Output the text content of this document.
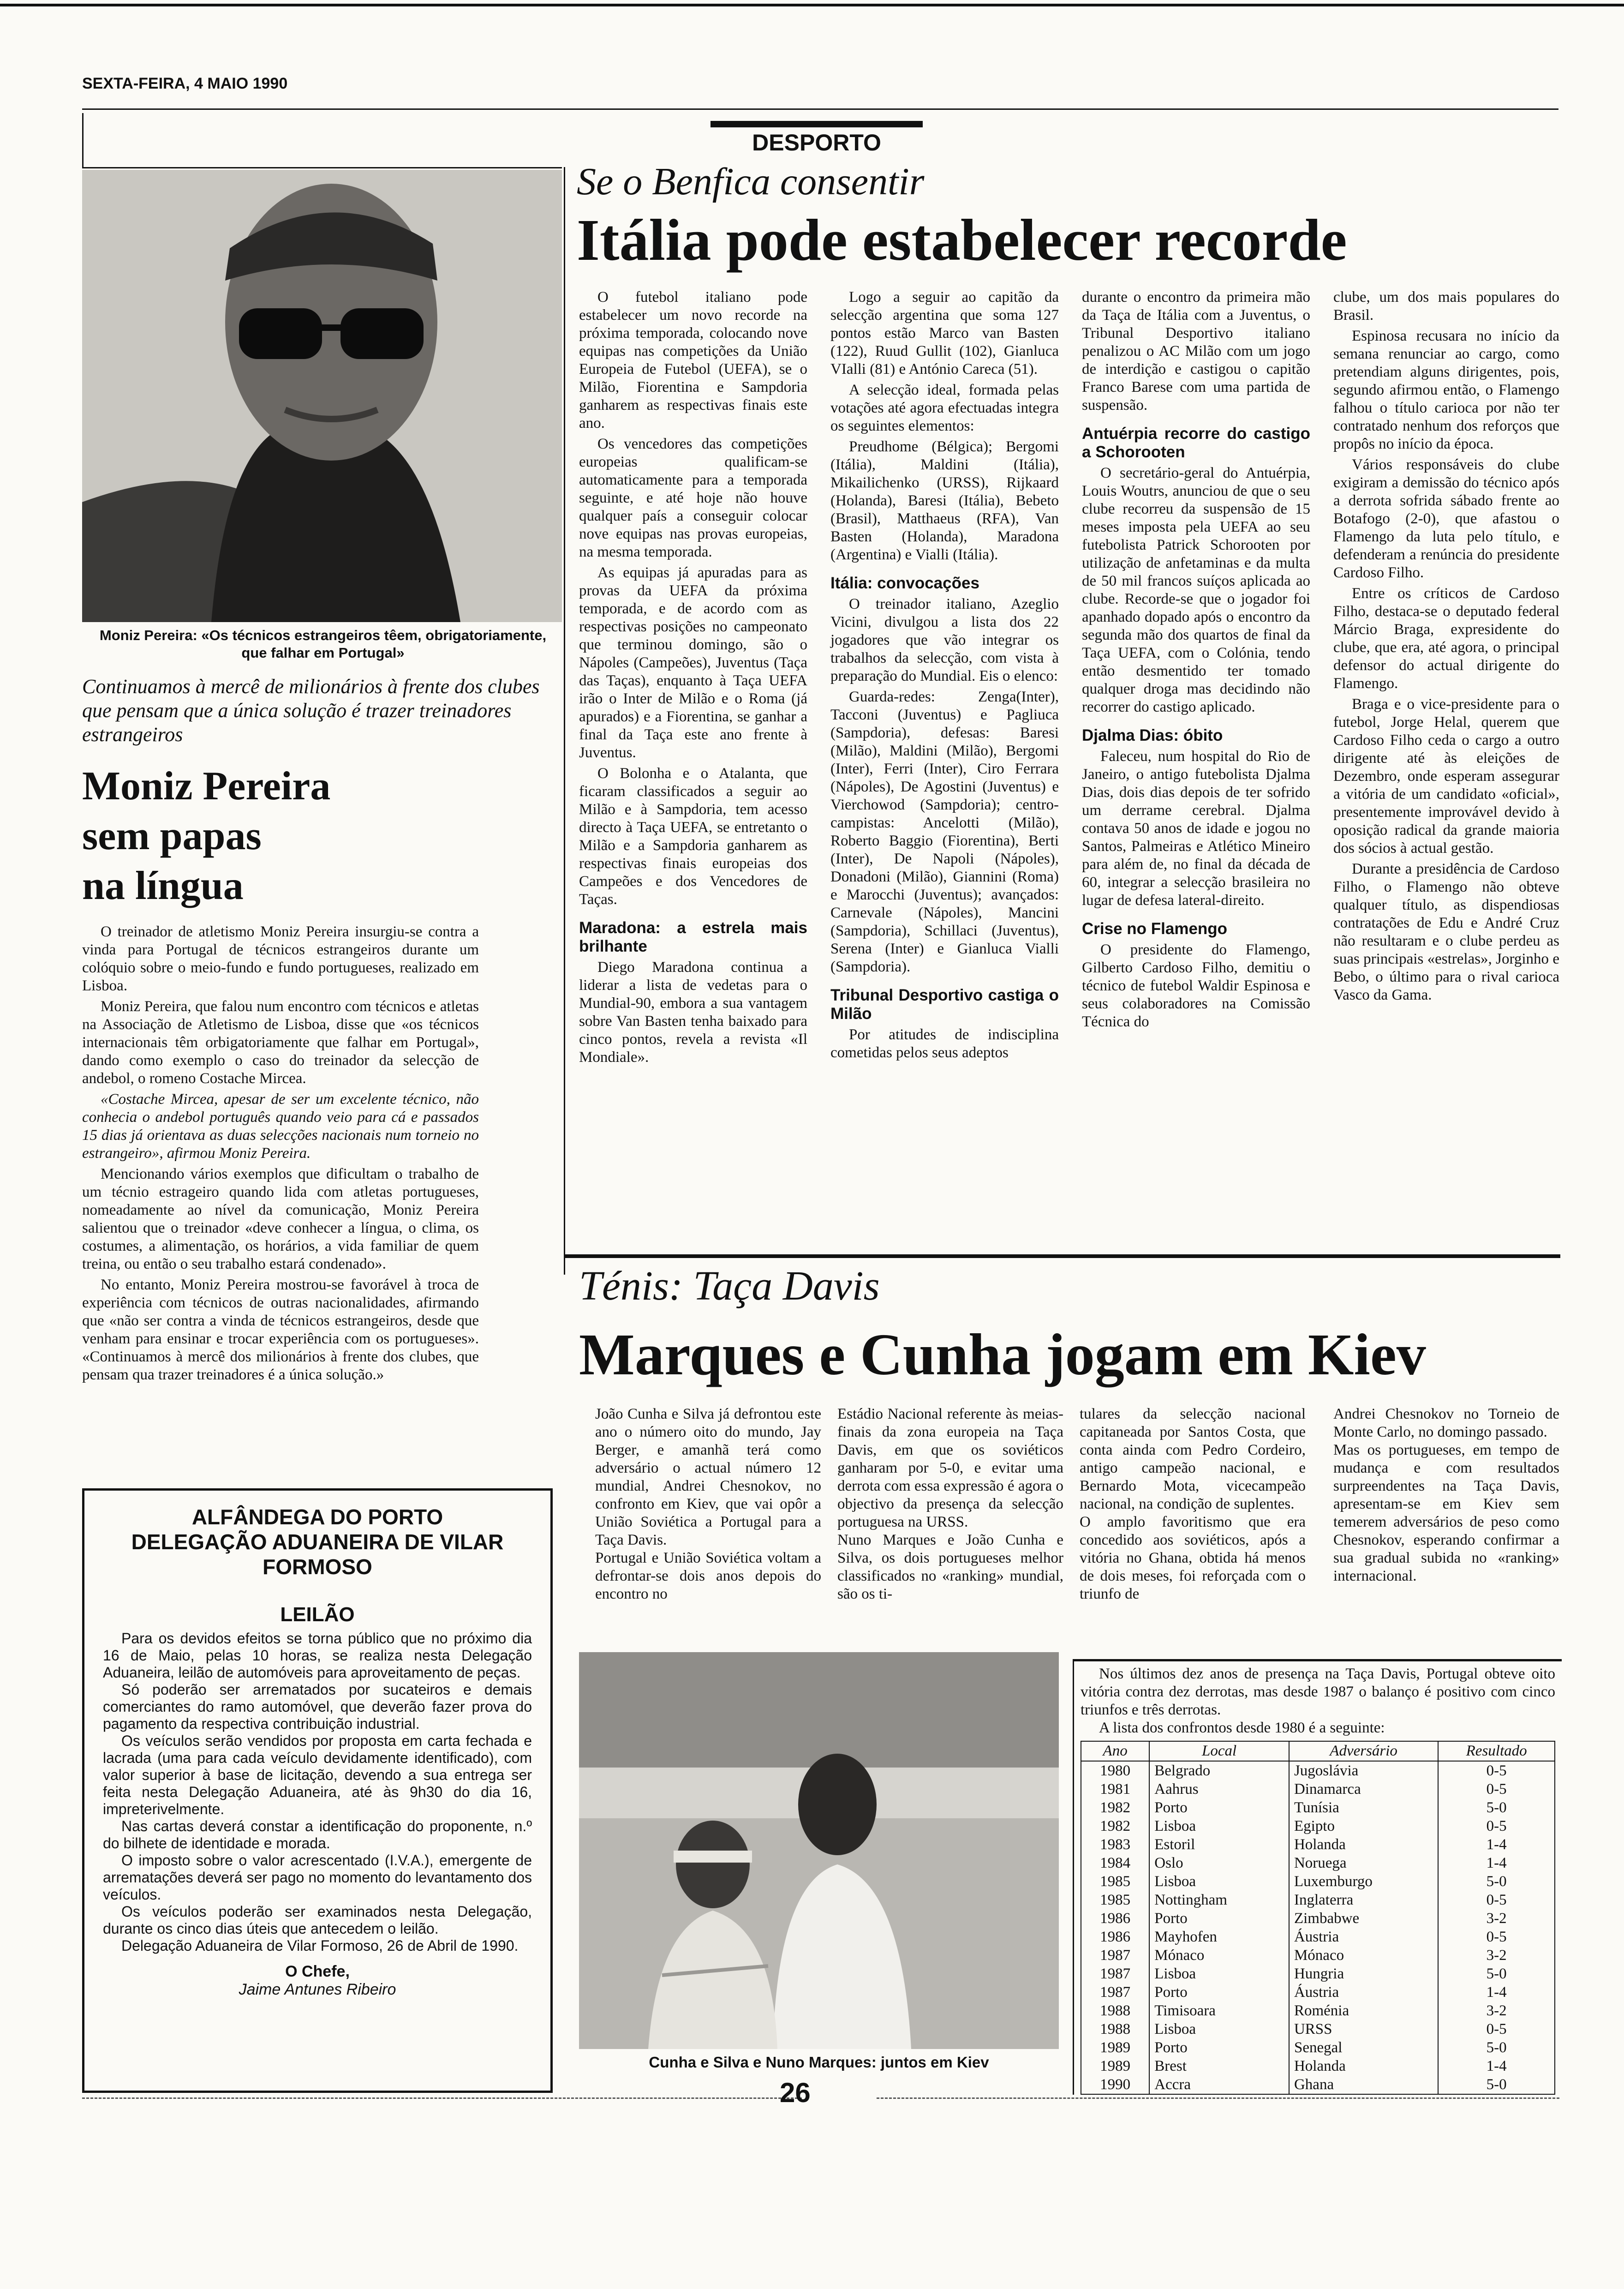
SEXTA-FEIRA, 4 MAIO 1990
DESPORTO
Moniz Pereira: «Os técnicos estrangeiros têem, obrigatoriamente, que falhar em Portugal»
Continuamos à mercê de milionários à frente dos clubes que pensam que a única solução é trazer treinadores estrangeiros
Moniz Pereira
sem papas
na língua

O treinador de atletismo Moniz Pereira insurgiu-se contra a vinda para Portugal de técnicos estrangeiros durante um colóquio sobre o meio-fundo e fundo portugueses, realizado em Lisboa.

Moniz Pereira, que falou num encontro com técnicos e atletas na Associação de Atletismo de Lisboa, disse que «os técnicos internacionais têm orbigatoriamente que falhar em Portugal», dando como exemplo o caso do treinador da selecção de andebol, o romeno Costache Mircea.

«Costache Mircea, apesar de ser um excelente técnico, não conhecia o andebol português quando veio para cá e passados 15 dias já orientava as duas selecções nacionais num torneio no estrangeiro», afirmou Moniz Pereira.

Mencionando vários exemplos que dificultam o trabalho de um técnio estrageiro quando lida com atletas portugueses, nomeadamente ao nível da comunicação, Moniz Pereira salientou que o treinador «deve conhecer a língua, o clima, os costumes, a alimentação, os horários, a vida familiar de quem treina, ou então o seu trabalho estará condenado».

No entanto, Moniz Pereira mostrou-se favorável à troca de experiência com técnicos de outras nacionalidades, afirmando que «não ser contra a vinda de técnicos estrangeiros, desde que venham para ensinar e trocar experiência com os portugueses». «Continuamos à mercê dos milionários à frente dos clubes, que pensam qua trazer treinadores é a única solução.»

ALFÂNDEGA DO PORTO
DELEGAÇÃO ADUANEIRA DE VILAR FORMOSO
LEILÃO

Para os devidos efeitos se torna público que no próximo dia 16 de Maio, pelas 10 horas, se realiza nesta Delegação Aduaneira, leilão de automóveis para aproveitamento de peças.

Só poderão ser arrematados por sucateiros e demais comerciantes do ramo automóvel, que deverão fazer prova do pagamento da respectiva contribuição industrial.

Os veículos serão vendidos por proposta em carta fechada e lacrada (uma para cada veículo devidamente identificado), com valor superior à base de licitação, devendo a sua entrega ser feita nesta Delegação Aduaneira, até às 9h30 do dia 16, impreterivelmente.

Nas cartas deverá constar a identificação do proponente, n.º do bilhete de identidade e morada.

O imposto sobre o valor acrescentado (I.V.A.), emergente de arrematações deverá ser pago no momento do levantamento dos veículos.

Os veículos poderão ser examinados nesta Delegação, durante os cinco dias úteis que antecedem o leilão.

Delegação Aduaneira de Vilar Formoso, 26 de Abril de 1990.

O Chefe,
Jaime Antunes Ribeiro
Se o Benfica consentir
Itália pode estabelecer recorde

O futebol italiano pode estabelecer um novo recorde na próxima temporada, colocando nove equipas nas competições da União Europeia de Futebol (UEFA), se o Milão, Fiorentina e Sampdoria ganharem as respectivas finais este ano.

Os vencedores das competições europeias qualificam-se automaticamente para a temporada seguinte, e até hoje não houve qualquer país a conseguir colocar nove equipas nas provas europeias, na mesma temporada.

As equipas já apuradas para as provas da UEFA da próxima temporada, e de acordo com as respectivas posições no campeonato que terminou domingo, são o Nápoles (Campeões), Juventus (Taça das Taças), enquanto à Taça UEFA irão o Inter de Milão e o Roma (já apurados) e a Fiorentina, se ganhar a final da Taça este ano frente à Juventus.

O Bolonha e o Atalanta, que ficaram classificados a seguir ao Milão e à Sampdoria, tem acesso directo à Taça UEFA, se entretanto o Milão e a Sampdoria ganharem as respectivas finais europeias dos Campeões e dos Vencedores de Taças.

Maradona: a estrela mais brilhante

Diego Maradona continua a liderar a lista de vedetas para o Mundial-90, embora a sua vantagem sobre Van Basten tenha baixado para cinco pontos, revela a revista «Il Mondiale».

Logo a seguir ao capitão da selecção argentina que soma 127 pontos estão Marco van Basten (122), Ruud Gullit (102), Gianluca VIalli (81) e António Careca (51).

A selecção ideal, formada pelas votações até agora efectuadas integra os seguintes elementos:

Preudhome (Bélgica); Bergomi (Itália), Maldini (Itália), Mikailichenko (URSS), Rijkaard (Holanda), Baresi (Itália), Bebeto (Brasil), Matthaeus (RFA), Van Basten (Holanda), Maradona (Argentina) e Vialli (Itália).

Itália: convocações

O treinador italiano, Azeglio Vicini, divulgou a lista dos 22 jogadores que vão integrar os trabalhos da selecção, com vista à preparação do Mundial. Eis o elenco:

Guarda-redes: Zenga(Inter), Tacconi (Juventus) e Pagliuca (Sampdoria), defesas: Baresi (Milão), Maldini (Milão), Bergomi (Inter), Ferri (Inter), Ciro Ferrara (Nápoles), De Agostini (Juventus) e Vierchowod (Sampdoria); centro-campistas: Ancelotti (Milão), Roberto Baggio (Fiorentina), Berti (Inter), De Napoli (Nápoles), Donadoni (Milão), Giannini (Roma) e Marocchi (Juventus); avançados: Carnevale (Nápoles), Mancini (Sampdoria), Schillaci (Juventus), Serena (Inter) e Gianluca Vialli (Sampdoria).

Tribunal Desportivo castiga o Milão

Por atitudes de indisciplina cometidas pelos seus adeptos

durante o encontro da primeira mão da Taça de Itália com a Juventus, o Tribunal Desportivo italiano penalizou o AC Milão com um jogo de interdição e castigou o capitão Franco Barese com uma partida de suspensão.

Antuérpia recorre do castigo a Schorooten

O secretário-geral do Antuérpia, Louis Woutrs, anunciou de que o seu clube recorreu da suspensão de 15 meses imposta pela UEFA ao seu futebolista Patrick Schorooten por utilização de anfetaminas e da multa de 50 mil francos suíços aplicada ao clube. Recorde-se que o jogador foi apanhado dopado após o encontro da segunda mão dos quartos de final da Taça UEFA, com o Colónia, tendo então desmentido ter tomado qualquer droga mas decidindo não recorrer do castigo aplicado.

Djalma Dias: óbito

Faleceu, num hospital do Rio de Janeiro, o antigo futebolista Djalma Dias, dois dias depois de ter sofrido um derrame cerebral. Djalma contava 50 anos de idade e jogou no Santos, Palmeiras e Atlético Mineiro para além de, no final da década de 60, integrar a selecção brasileira no lugar de defesa lateral-direito.

Crise no Flamengo

O presidente do Flamengo, Gilberto Cardoso Filho, demitiu o técnico de futebol Waldir Espinosa e seus colaboradores na Comissão Técnica do

clube, um dos mais populares do Brasil.

Espinosa recusara no início da semana renunciar ao cargo, como pretendiam alguns dirigentes, pois, segundo afirmou então, o Flamengo falhou o título carioca por não ter contratado nenhum dos reforços que propôs no início da época.

Vários responsáveis do clube exigiram a demissão do técnico após a derrota sofrida sábado frente ao Botafogo (2-0), que afastou o Flamengo da luta pelo título, e defenderam a renúncia do presidente Cardoso Filho.

Entre os críticos de Cardoso Filho, destaca-se o deputado federal Márcio Braga, expresidente do clube, que era, até agora, o principal defensor do actual dirigente do Flamengo.

Braga e o vice-presidente para o futebol, Jorge Helal, querem que Cardoso Filho ceda o cargo a outro dirigente até às eleições de Dezembro, onde esperam assegurar a vitória de um candidato «oficial», presentemente improvável devido à oposição radical da grande maioria dos sócios à actual gestão.

Durante a presidência de Cardoso Filho, o Flamengo não obteve qualquer título, as dispendiosas contratações de Edu e André Cruz não resultaram e o clube perdeu as suas principais «estrelas», Jorginho e Bebo, o último para o rival carioca Vasco da Gama.

Ténis: Taça Davis
Marques e Cunha jogam em Kiev
João Cunha e Silva já defrontou este ano o número oito do mundo, Jay Berger, e amanhã terá como adversário o actual número 12 mundial, Andrei Chesnokov, no confronto em Kiev, que vai opôr a União Soviética a Portugal para a Taça Davis.
Portugal e União Soviética voltam a defrontar-se dois anos depois do encontro no
Estádio Nacional referente às meias-finais da zona europeia na Taça Davis, em que os soviéticos ganharam por 5-0, e evitar uma derrota com essa expressão é agora o objectivo da presença da selecção portuguesa na URSS.
Nuno Marques e João Cunha e Silva, os dois portugueses melhor classificados no «ranking» mundial, são os ti-
tulares da selecção nacional capitaneada por Santos Costa, que conta ainda com Pedro Cordeiro, antigo campeão nacional, e Bernardo Mota, vicecampeão nacional, na condição de suplentes.
O amplo favoritismo que era concedido aos soviéticos, após a vitória no Ghana, obtida há menos de dois meses, foi reforçada com o triunfo de
Andrei Chesnokov no Torneio de Monte Carlo, no domingo passado.
Mas os portugueses, em tempo de mudança e com resultados surpreendentes na Taça Davis, apresentam-se em Kiev sem temerem adversários de peso como Chesnokov, esperando confirmar a sua gradual subida no «ranking» internacional.
Cunha e Silva e Nuno Marques: juntos em Kiev
Nos últimos dez anos de presença na Taça Davis, Portugal obteve oito vitória contra dez derrotas, mas desde 1987 o balanço é positivo com cinco triunfos e três derrotas.
A lista dos confrontos desde 1980 é a seguinte:
Ano	Local	Adversário	Resultado
1980	Belgrado	Jugoslávia	0-5
1981	Aahrus	Dinamarca	0-5
1982	Porto	Tunísia	5-0
1982	Lisboa	Egipto	0-5
1983	Estoril	Holanda	1-4
1984	Oslo	Noruega	1-4
1985	Lisboa	Luxemburgo	5-0
1985	Nottingham	Inglaterra	0-5
1986	Porto	Zimbabwe	3-2
1986	Mayhofen	Áustria	0-5
1987	Mónaco	Mónaco	3-2
1987	Lisboa	Hungria	5-0
1987	Porto	Áustria	1-4
1988	Timisoara	Roménia	3-2
1988	Lisboa	URSS	0-5
1989	Porto	Senegal	5-0
1989	Brest	Holanda	1-4
1990	Accra	Ghana	5-0
26
